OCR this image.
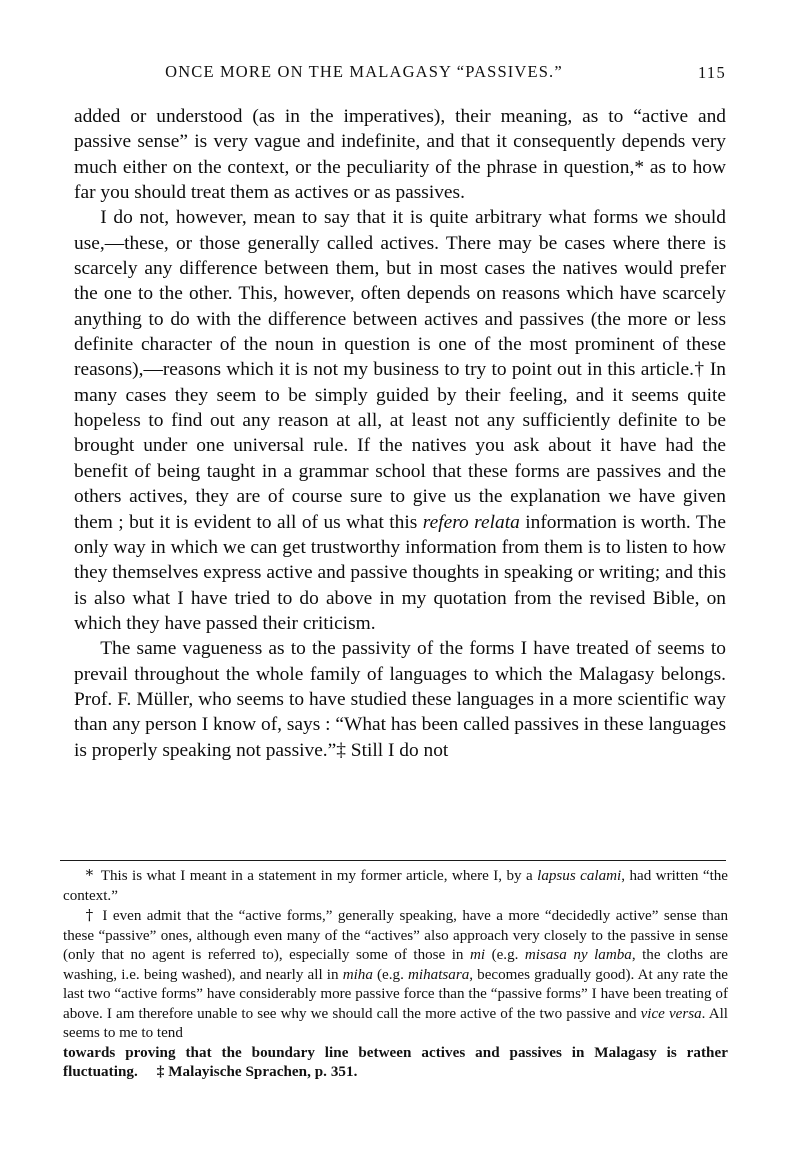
ONCE MORE ON THE MALAGASY “PASSIVES.”	115

added or understood (as in the imperatives), their meaning, as to “active and passive sense” is very vague and indefinite, and that it consequently depends very much either on the context, or the peculiarity of the phrase in question,* as to how far you should treat them as actives or as passives.

I do not, however, mean to say that it is quite arbitrary what forms we should use,—these, or those generally called actives. There may be cases where there is scarcely any difference between them, but in most cases the natives would prefer the one to the other. This, however, often depends on reasons which have scarcely anything to do with the difference between actives and passives (the more or less definite character of the noun in question is one of the most prominent of these reasons),—reasons which it is not my business to try to point out in this article.† In many cases they seem to be simply guided by their feeling, and it seems quite hopeless to find out any reason at all, at least not any sufficiently definite to be brought under one universal rule. If the natives you ask about it have had the benefit of being taught in a grammar school that these forms are passives and the others actives, they are of course sure to give us the explanation we have given them ; but it is evident to all of us what this refero relata information is worth. The only way in which we can get trustworthy information from them is to listen to how they themselves express active and passive thoughts in speaking or writing; and this is also what I have tried to do above in my quotation from the revised Bible, on which they have passed their criticism.

The same vagueness as to the passivity of the forms I have treated of seems to prevail throughout the whole family of languages to which the Malagasy belongs. Prof. F. Müller, who seems to have studied these languages in a more scientific way than any person I know of, says : “What has been called passives in these languages is properly speaking not passive.”‡ Still I do not

* This is what I meant in a statement in my former article, where I, by a lapsus calami, had written “the context.”

† I even admit that the “active forms,” generally speaking, have a more “decidedly active” sense than these “passive” ones, although even many of the “actives” also approach very closely to the passive in sense (only that no agent is referred to), especially some of those in mi (e.g. misasa ny lamba, the cloths are washing, i.e. being washed), and nearly all in miha (e.g. mihatsara, becomes gradually good). At any rate the last two “active forms” have considerably more passive force than the “passive forms” I have been treating of above. I am therefore unable to see why we should call the more active of the two passive and vice versa. All seems to me to tend

towards proving that the boundary line between actives and passives in Malagasy is rather fluctuating.  ‡ Malayische Sprachen, p. 351.
